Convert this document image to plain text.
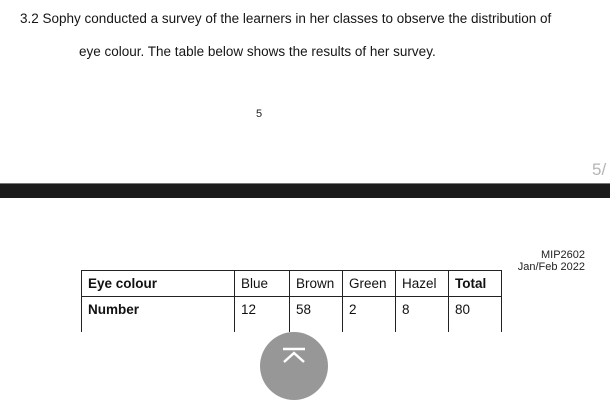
3.2 Sophy conducted a survey of the learners in her classes to observe the distribution of
eye colour. The table below shows the results of her survey.
5
5/
MIP2602
Jan/Feb 2022
Eye colour	Blue	Brown	Green	Hazel	Total
Number	12	58	2	8	80
